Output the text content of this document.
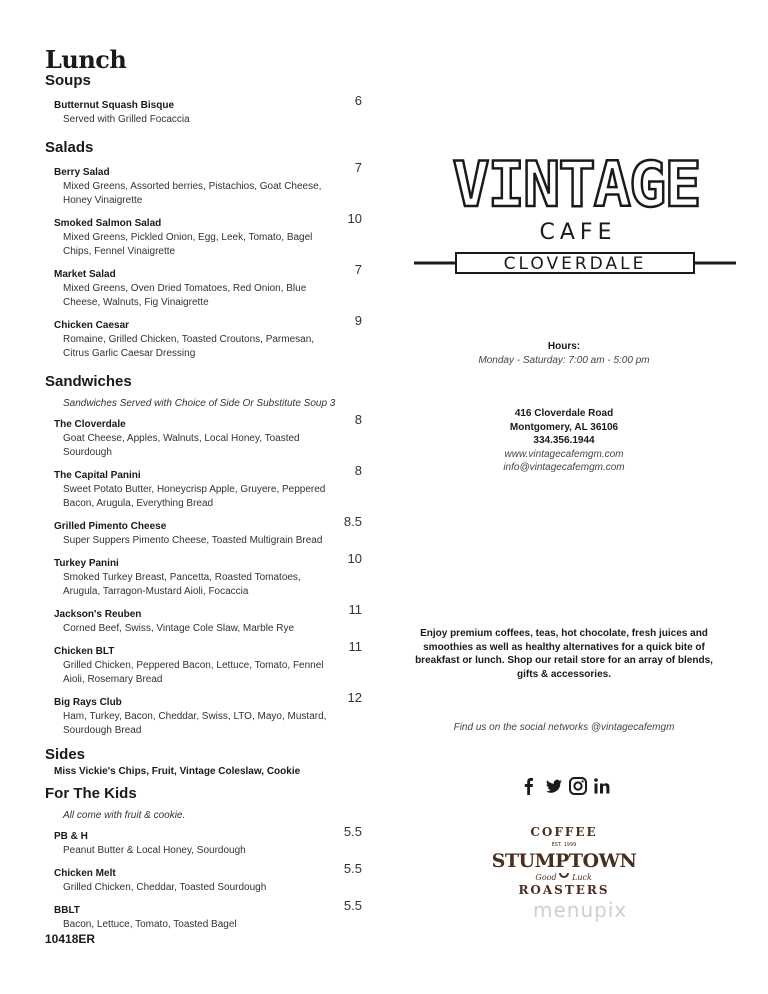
Lunch
Soups
Butternut Squash Bisque
Served with Grilled Focaccia
6
Salads
Berry Salad
Mixed Greens, Assorted berries, Pistachios, Goat Cheese, Honey Vinaigrette
7
Smoked Salmon Salad
Mixed Greens, Pickled Onion, Egg, Leek, Tomato, Bagel Chips, Fennel Vinaigrette
10
Market Salad
Mixed Greens, Oven Dried Tomatoes, Red Onion, Blue Cheese, Walnuts, Fig Vinaigrette
7
Chicken Caesar
Romaine, Grilled Chicken, Toasted Croutons, Parmesan, Citrus Garlic Caesar Dressing
9
Sandwiches
Sandwiches Served with Choice of Side Or Substitute Soup 3
The Cloverdale
Goat Cheese, Apples, Walnuts, Local Honey, Toasted Sourdough
8
The Capital Panini
Sweet Potato Butter, Honeycrisp Apple, Gruyere, Peppered Bacon, Arugula, Everything Bread
8
Grilled Pimento Cheese
Super Suppers Pimento Cheese, Toasted Multigrain Bread
8.5
Turkey Panini
Smoked Turkey Breast, Pancetta, Roasted Tomatoes, Arugula, Tarragon-Mustard Aioli, Focaccia
10
Jackson's Reuben
Corned Beef, Swiss, Vintage Cole Slaw, Marble Rye
11
Chicken BLT
Grilled Chicken, Peppered Bacon, Lettuce, Tomato, Fennel Aioli, Rosemary Bread
11
Big Rays Club
Ham, Turkey, Bacon, Cheddar, Swiss, LTO, Mayo, Mustard, Sourdough Bread
12
Sides
Miss Vickie's Chips, Fruit, Vintage Coleslaw, Cookie
For The Kids
All come with fruit & cookie.
PB & H
Peanut Butter & Local Honey, Sourdough
5.5
Chicken Melt
Grilled Chicken, Cheddar, Toasted Sourdough
5.5
BBLT
Bacon, Lettuce, Tomato, Toasted Bagel
5.5
10418ER
VINTAGE
CAFE
CLOVERDALE
Hours:
Monday - Saturday: 7:00 am - 5:00 pm
416 Cloverdale Road
Montgomery, AL 36106
334.356.1944
www.vintagecafemgm.com
info@vintagecafemgm.com
Enjoy premium coffees, teas, hot chocolate, fresh juices and smoothies as well as healthy alternatives for a quick bite of breakfast or lunch. Shop our retail store for an array of blends, gifts & accessories.
Find us on the social networks @vintagecafemgm
COFFEE
EST. 1999
STUMPTOWN
Good Luck
ROASTERS
menupix
